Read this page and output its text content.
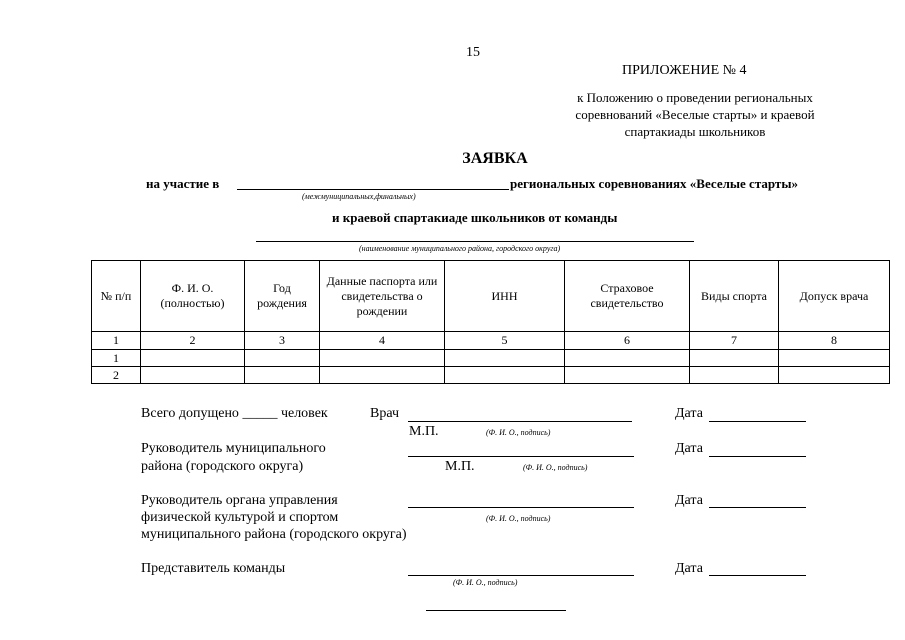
15
ПРИЛОЖЕНИЕ № 4
к Положению о проведении региональных
соревнований «Веселые старты» и краевой
спартакиады школьников
ЗАЯВКА
на участие в
(межмуниципальных,финальных)
региональных соревнованиях «Веселые старты»
и краевой спартакиаде школьников от команды
(наименование муниципального района, городского округа)
№ п/п	Ф. И. О. (полностью)	Год рождения	Данные паспорта или свидетельства о рождении	ИНН	Страховое свидетельство	Виды спорта	Допуск врача
1	2	3	4	5	6	7	8
1							
2							
Всего допущено _____ человек	Врач
М.П.	(Ф. И. О., подпись)
Дата
Руководитель муниципального
района (городского округа)	М.П.	(Ф. И. О., подпись)
Дата
Руководитель органа управления
физической культурой и спортом
муниципального района (городского округа)
(Ф. И. О., подпись)
Дата
Представитель команды
(Ф. И. О., подпись)
Дата
